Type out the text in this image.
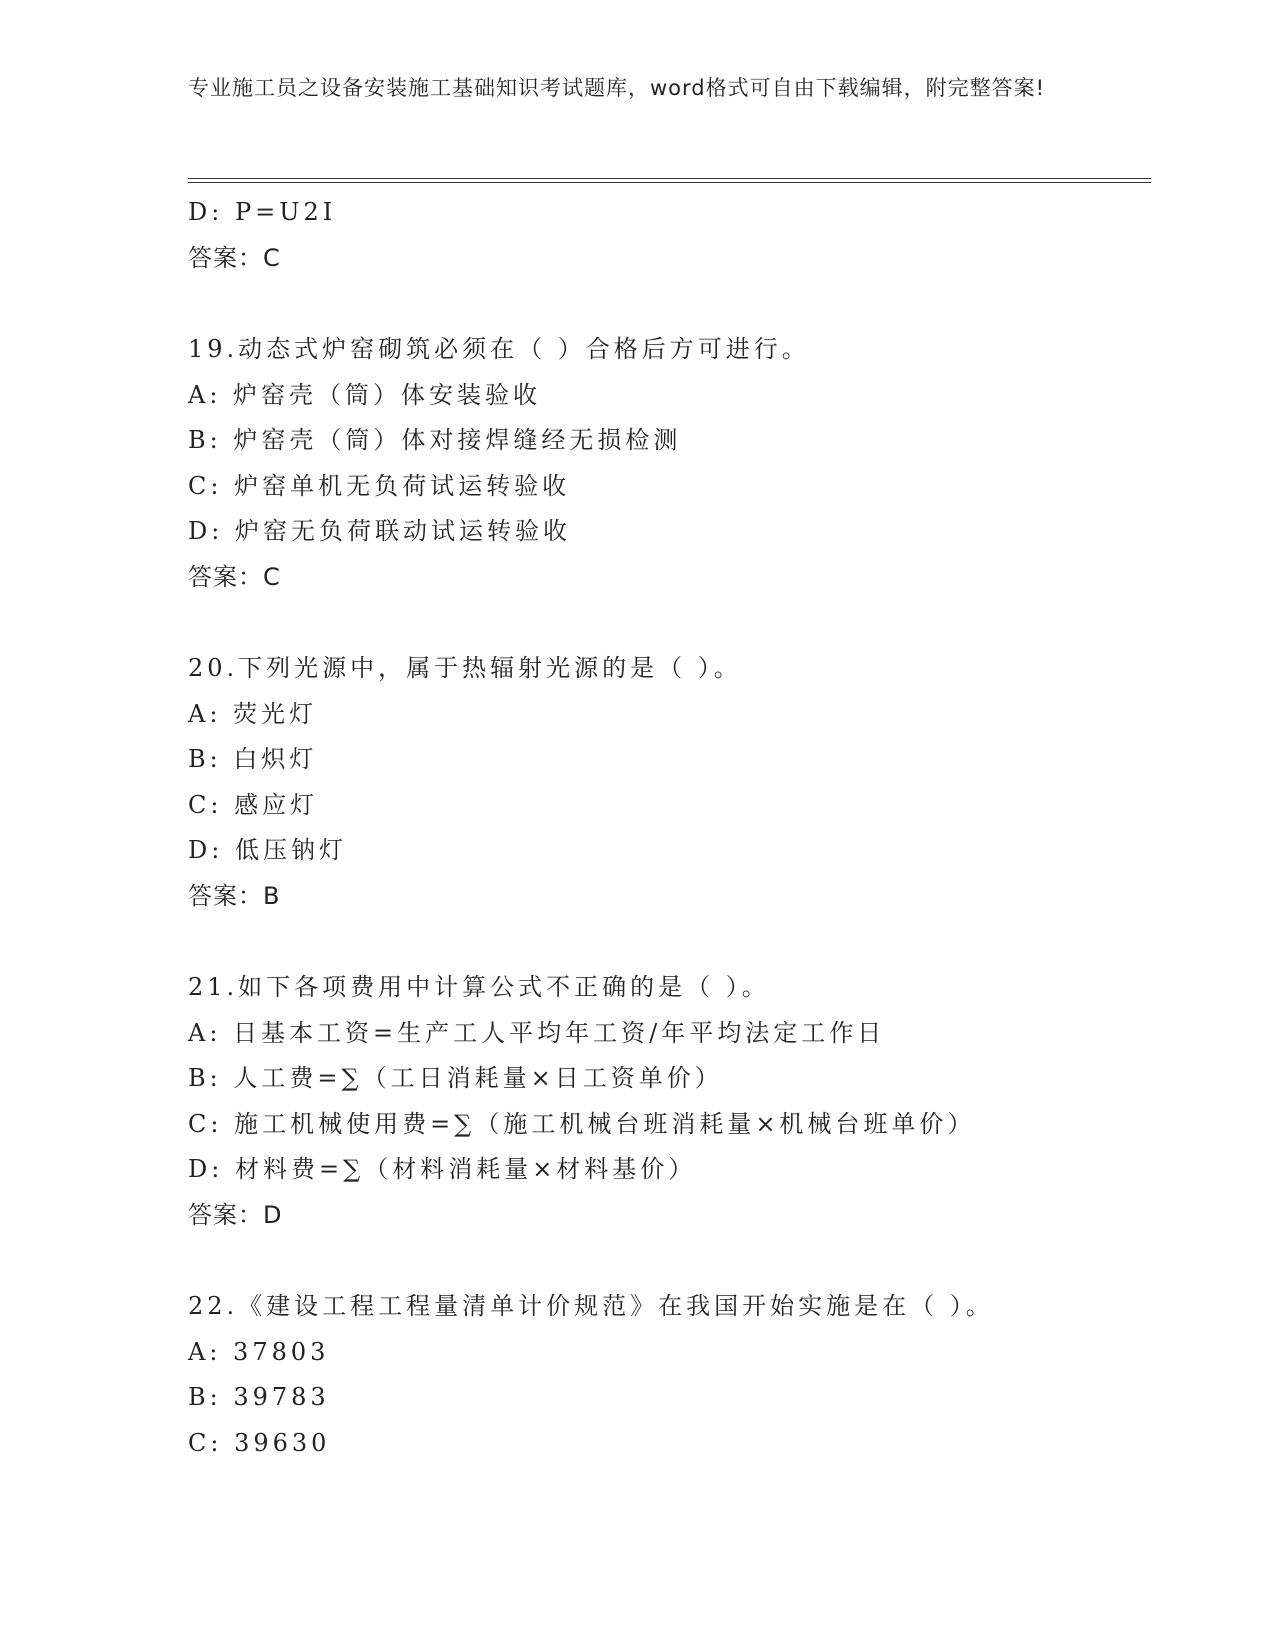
专业施工员之设备安装施工基础知识考试题库，word格式可自由下载编辑，附完整答案!
D: P=U2I
答案：C
19.动态式炉窑砌筑必须在（ ）合格后方可进行。
A: 炉窑壳（筒）体安装验收
B: 炉窑壳（筒）体对接焊缝经无损检测
C: 炉窑单机无负荷试运转验收
D: 炉窑无负荷联动试运转验收
答案：C
20.下列光源中，属于热辐射光源的是（ ）。
A: 荧光灯
B: 白炽灯
C: 感应灯
D: 低压钠灯
答案：B
21.如下各项费用中计算公式不正确的是（ ）。
A: 日基本工资=生产工人平均年工资/年平均法定工作日
B: 人工费=∑（工日消耗量×日工资单价）
C: 施工机械使用费=∑（施工机械台班消耗量×机械台班单价）
D: 材料费=∑（材料消耗量×材料基价）
答案：D
22.《建设工程工程量清单计价规范》在我国开始实施是在（ ）。
A: 37803
B: 39783
C: 39630
